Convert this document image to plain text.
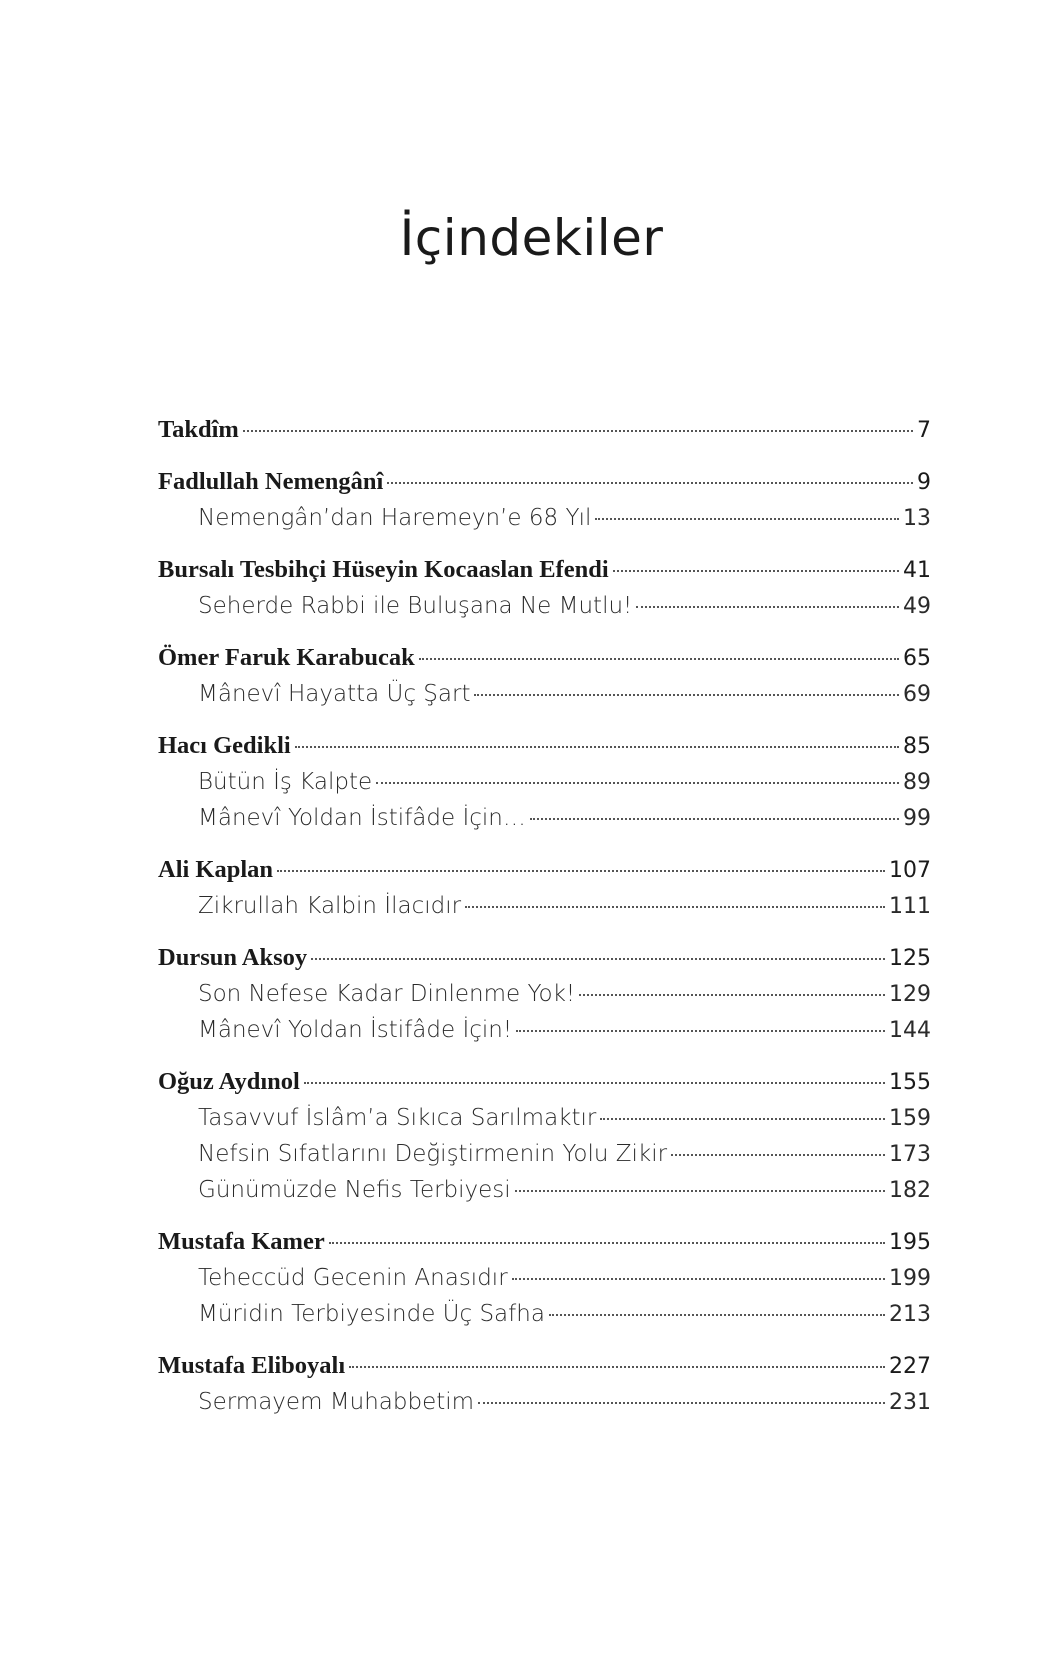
İçindekiler
Takdîm	7
Fadlullah Nemengânî	9
Nemengân’dan Haremeyn’e 68 Yıl	13
Bursalı Tesbihçi Hüseyin Kocaaslan Efendi	41
Seherde Rabbi ile Buluşana Ne Mutlu!	49
Ömer Faruk Karabucak	65
Mânevî Hayatta Üç Şart	69
Hacı Gedikli	85
Bütün İş Kalpte	89
Mânevî Yoldan İstifâde İçin…	99
Ali Kaplan	107
Zikrullah Kalbin İlacıdır	111
Dursun Aksoy	125
Son Nefese Kadar Dinlenme Yok!	129
Mânevî Yoldan İstifâde İçin!	144
Oğuz Aydınol	155
Tasavvuf İslâm’a Sıkıca Sarılmaktır	159
Nefsin Sıfatlarını Değiştirmenin Yolu Zikir	173
Günümüzde Nefis Terbiyesi	182
Mustafa Kamer	195
Teheccüd Gecenin Anasıdır	199
Müridin Terbiyesinde Üç Safha	213
Mustafa Eliboyalı	227
Sermayem Muhabbetim	231
